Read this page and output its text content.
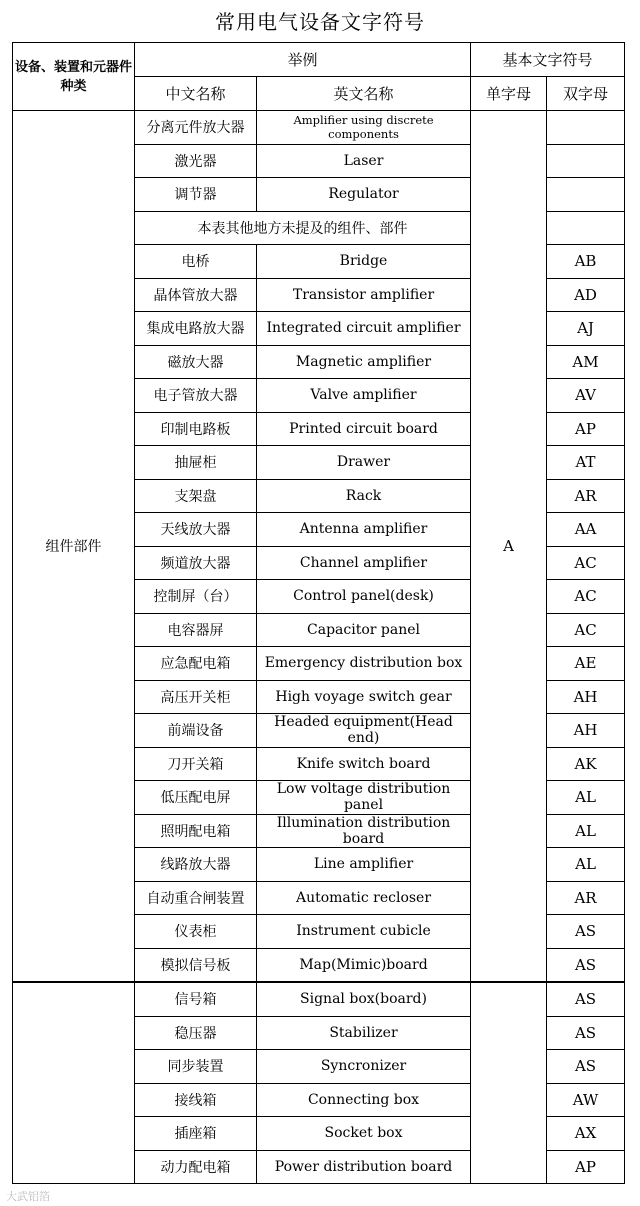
常用电气设备文字符号
设备、装置和元器件种类	举例		基本文字符号	
	中文名称	英文名称	单字母	双字母
组件部件	分离元件放大器	Amplifier using discrete components	A	
	激光器	Laser		
	调节器	Regulator		
	本表其他地方未提及的组件、部件			
	电桥	Bridge		AB
	晶体管放大器	Transistor amplifier		AD
	集成电路放大器	Integrated circuit amplifier		AJ
	磁放大器	Magnetic amplifier		AM
	电子管放大器	Valve amplifier		AV
	印制电路板	Printed circuit board		AP
	抽屉柜	Drawer		AT
	支架盘	Rack		AR
	天线放大器	Antenna amplifier		AA
	频道放大器	Channel amplifier		AC
	控制屏（台）	Control panel(desk)		AC
	电容器屏	Capacitor panel		AC
	应急配电箱	Emergency distribution box		AE
	高压开关柜	High voyage switch gear		AH
	前端设备	Headed equipment(Head end)		AH
	刀开关箱	Knife switch board		AK
	低压配电屏	Low voltage distribution panel		AL
	照明配电箱	Illumination distribution board		AL
	线路放大器	Line amplifier		AL
	自动重合闸装置	Automatic recloser		AR
	仪表柜	Instrument cubicle		AS
	模拟信号板	Map(Mimic)board		AS
	信号箱	Signal box(board)		AS
	稳压器	Stabilizer		AS
	同步装置	Syncronizer		AS
	接线箱	Connecting box		AW
	插座箱	Socket box		AX
	动力配电箱	Power distribution board		AP
大武铝箔
